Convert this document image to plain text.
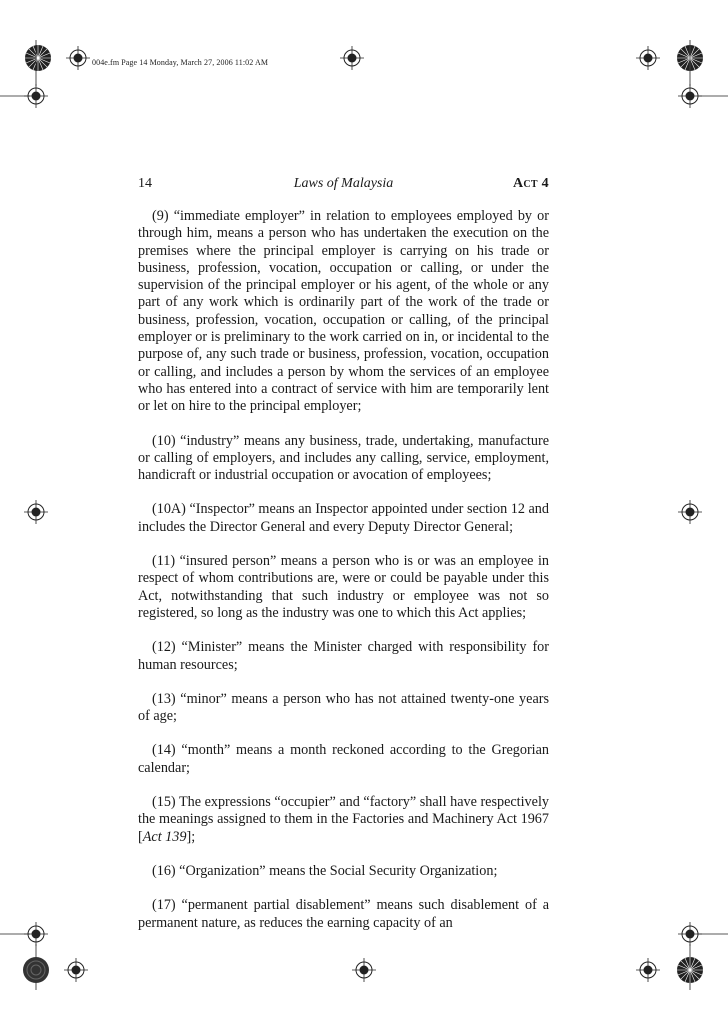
004e.fm Page 14 Monday, March 27, 2006 11:02 AM
14	Laws of Malaysia	Act 4

(9) “immediate employer” in relation to employees employed by or through him, means a person who has undertaken the execution on the premises where the principal employer is carrying on his trade or business, profession, vocation, occupation or calling, or under the supervision of the principal employer or his agent, of the whole or any part of any work which is ordinarily part of the work of the trade or business, profession, vocation, occupation or calling, of the principal employer or is preliminary to the work carried on in, or incidental to the purpose of, any such trade or business, profession, vocation, occupation or calling, and includes a person by whom the services of an employee who has entered into a contract of service with him are temporarily lent or let on hire to the principal employer;

(10) “industry” means any business, trade, undertaking, manufacture or calling of employers, and includes any calling, service, employment, handicraft or industrial occupation or avocation of employees;

(10A) “Inspector” means an Inspector appointed under section 12 and includes the Director General and every Deputy Director General;

(11) “insured person” means a person who is or was an employee in respect of whom contributions are, were or could be payable under this Act, notwithstanding that such industry or employee was not so registered, so long as the industry was one to which this Act applies;

(12) “Minister” means the Minister charged with responsibility for human resources;

(13) “minor” means a person who has not attained twenty-one years of age;

(14) “month” means a month reckoned according to the Gregorian calendar;

(15) The expressions “occupier” and “factory” shall have respectively the meanings assigned to them in the Factories and Machinery Act 1967 [Act 139];

(16) “Organization” means the Social Security Organization;

(17) “permanent partial disablement” means such disablement of a permanent nature, as reduces the earning capacity of an
